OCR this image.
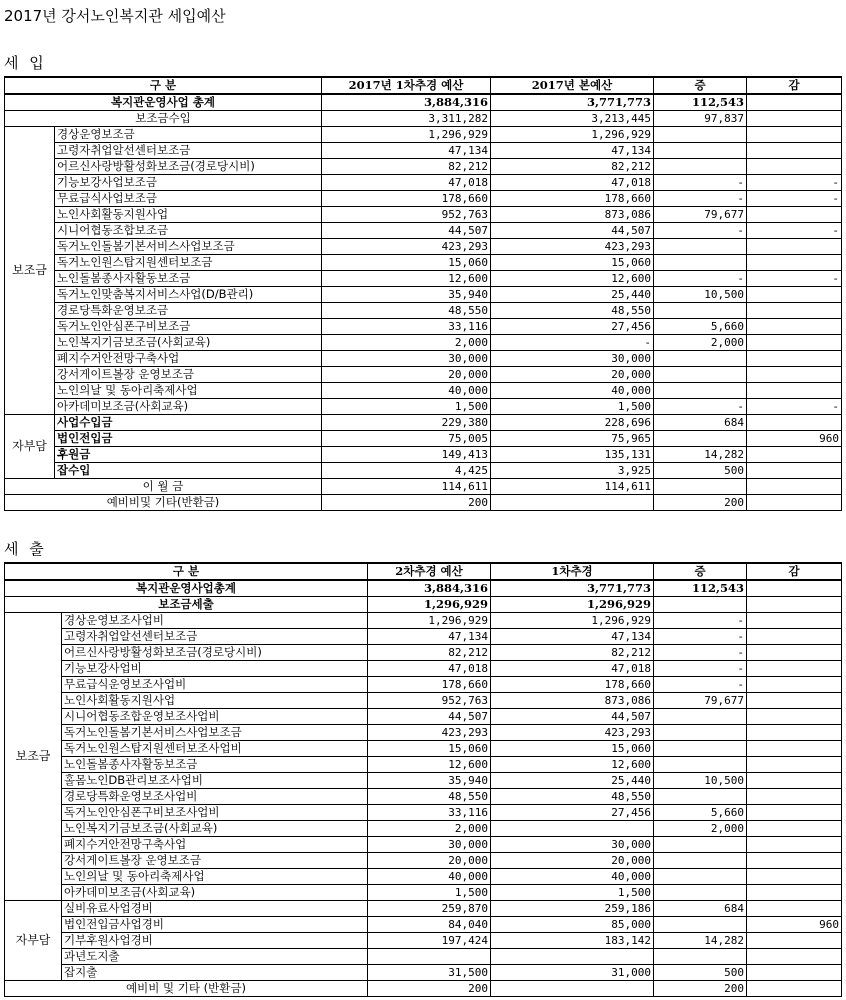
2017년 강서노인복지관 세입예산
세 입
구 분		2017년 1차추경 예산	2017년 본예산	증	감
복지관운영사업 총계		3,884,316	3,771,773	112,543	
보조금수입		3,311,282	3,213,445	97,837	
보조금	경상운영보조금	1,296,929	1,296,929		
	고령자취업알선센터보조금	47,134	47,134		
	어르신사랑방활성화보조금(경로당시비)	82,212	82,212		
	기능보강사업보조금	47,018	47,018	-	-
	무료급식사업보조금	178,660	178,660	-	-
	노인사회활동지원사업	952,763	873,086	79,677	
	시니어협동조합보조금	44,507	44,507	-	-
	독거노인돌봄기본서비스사업보조금	423,293	423,293		
	독거노인원스탑지원센터보조금	15,060	15,060		
	노인돌봄종사자활동보조금	12,600	12,600	-	-
	독거노인맞춤복지서비스사업(D/B관리)	35,940	25,440	10,500	
	경로당특화운영보조금	48,550	48,550		
	독거노인안심폰구비보조금	33,116	27,456	5,660	
	노인복지기금보조금(사회교육)	2,000	-	2,000	
	폐지수거안전망구축사업	30,000	30,000		
	강서게이트볼장 운영보조금	20,000	20,000		
	노인의날 및 동아리축제사업	40,000	40,000		
	아카데미보조금(사회교육)	1,500	1,500	-	-
자부담	사업수입금	229,380	228,696	684	
	법인전입금	75,005	75,965		960
	후원금	149,413	135,131	14,282	
	잡수입	4,425	3,925	500	
이 월 금		114,611	114,611		
예비비및 기타(반환금)		200		200	
세 출
구 분		2차추경 예산	1차추경	증	감
복지관운영사업총계		3,884,316	3,771,773	112,543	
보조금세출		1,296,929	1,296,929		
보조금	경상운영보조사업비	1,296,929	1,296,929	-	
	고령자취업알선센터보조금	47,134	47,134	-	
	어르신사랑방활성화보조금(경로당시비)	82,212	82,212	-	
	기능보강사업비	47,018	47,018	-	
	무료급식운영보조사업비	178,660	178,660	-	
	노인사회활동지원사업	952,763	873,086	79,677	
	시니어협동조합운영보조사업비	44,507	44,507		
	독거노인돌봄기본서비스사업보조금	423,293	423,293		
	독거노인원스탑지원센터보조사업비	15,060	15,060		
	노인돌봄종사자활동보조금	12,600	12,600		
	홀몸노인DB관리보조사업비	35,940	25,440	10,500	
	경로당특화운영보조사업비	48,550	48,550		
	독거노인안심폰구비보조사업비	33,116	27,456	5,660	
	노인복지기금보조금(사회교육)	2,000		2,000	
	폐지수거안전망구축사업	30,000	30,000		
	강서게이트볼장 운영보조금	20,000	20,000		
	노인의날 및 동아리축제사업	40,000	40,000		
	아카데미보조금(사회교육)	1,500	1,500		
자부담	실비유료사업경비	259,870	259,186	684	
	법인전입금사업경비	84,040	85,000		960
	기부후원사업경비	197,424	183,142	14,282	
	과년도지출				
	잡지출	31,500	31,000	500	
예비비 및 기타 (반환금)		200		200	
